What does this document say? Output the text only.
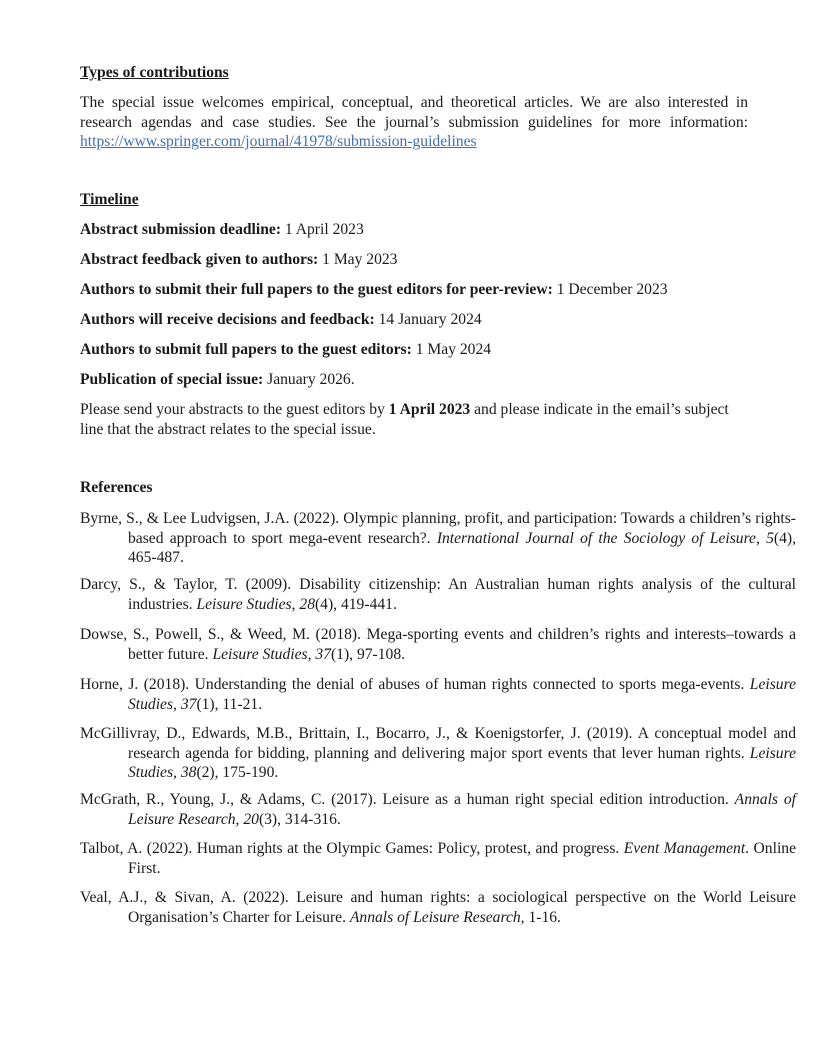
Types of contributions
The special issue welcomes empirical, conceptual, and theoretical articles. We are also interested in research agendas and case studies. See the journal’s submission guidelines for more information: https://www.springer.com/journal/41978/submission-guidelines
Timeline
Abstract submission deadline: 1 April 2023
Abstract feedback given to authors: 1 May 2023
Authors to submit their full papers to the guest editors for peer-review: 1 December 2023
Authors will receive decisions and feedback: 14 January 2024
Authors to submit full papers to the guest editors: 1 May 2024
Publication of special issue: January 2026.
Please send your abstracts to the guest editors by 1 April 2023 and please indicate in the email’s subject line that the abstract relates to the special issue.
References
Byrne, S., & Lee Ludvigsen, J.A. (2022). Olympic planning, profit, and participation: Towards a children’s rights-based approach to sport mega-event research?. International Journal of the Sociology of Leisure, 5(4), 465-487.
Darcy, S., & Taylor, T. (2009). Disability citizenship: An Australian human rights analysis of the cultural industries. Leisure Studies, 28(4), 419-441.
Dowse, S., Powell, S., & Weed, M. (2018). Mega-sporting events and children’s rights and interests–towards a better future. Leisure Studies, 37(1), 97-108.
Horne, J. (2018). Understanding the denial of abuses of human rights connected to sports mega-events. Leisure Studies, 37(1), 11-21.
McGillivray, D., Edwards, M.B., Brittain, I., Bocarro, J., & Koenigstorfer, J. (2019). A conceptual model and research agenda for bidding, planning and delivering major sport events that lever human rights. Leisure Studies, 38(2), 175-190.
McGrath, R., Young, J., & Adams, C. (2017). Leisure as a human right special edition introduction. Annals of Leisure Research, 20(3), 314-316.
Talbot, A. (2022). Human rights at the Olympic Games: Policy, protest, and progress. Event Management. Online First.
Veal, A.J., & Sivan, A. (2022). Leisure and human rights: a sociological perspective on the World Leisure Organisation’s Charter for Leisure. Annals of Leisure Research, 1-16.
